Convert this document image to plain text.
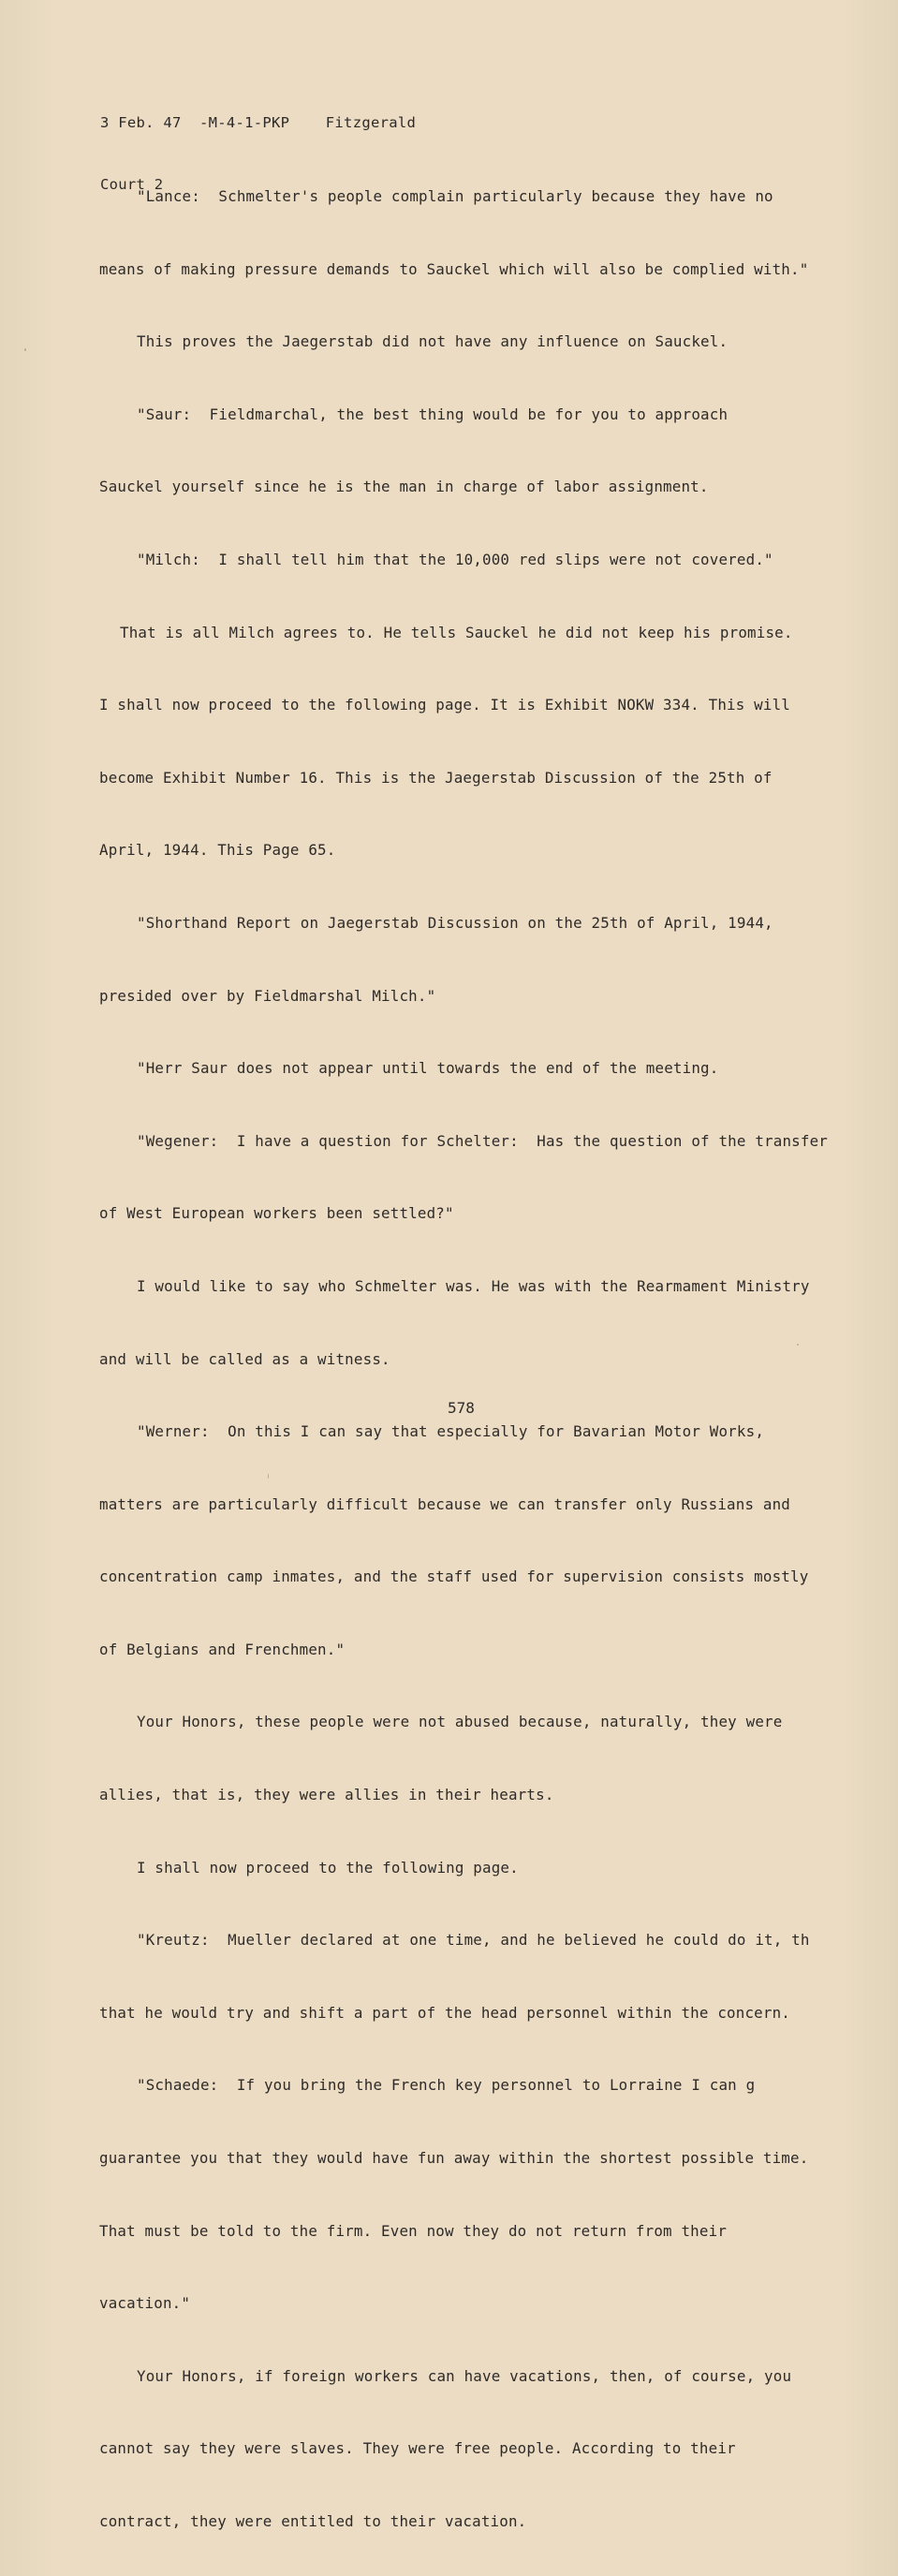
3 Feb. 47  -M-4-1-PKP    Fitzgerald

Court 2

"Lance:  Schmelter's people complain particularly because they have no

means of making pressure demands to Sauckel which will also be complied with."

This proves the Jaegerstab did not have any influence on Sauckel.

"Saur:  Fieldmarchal, the best thing would be for you to approach

Sauckel yourself since he is the man in charge of labor assignment.

"Milch:  I shall tell him that the 10,000 red slips were not covered."

That is all Milch agrees to. He tells Sauckel he did not keep his promise.

I shall now proceed to the following page. It is Exhibit NOKW 334. This will

become Exhibit Number 16. This is the Jaegerstab Discussion of the 25th of

April, 1944. This Page 65.

"Shorthand Report on Jaegerstab Discussion on the 25th of April, 1944,

presided over by Fieldmarshal Milch."

"Herr Saur does not appear until towards the end of the meeting.

"Wegener:  I have a question for Schelter:  Has the question of the transfer

of West European workers been settled?"

I would like to say who Schmelter was. He was with the Rearmament Ministry

and will be called as a witness.

"Werner:  On this I can say that especially for Bavarian Motor Works,

matters are particularly difficult because we can transfer only Russians and

concentration camp inmates, and the staff used for supervision consists mostly

of Belgians and Frenchmen."

Your Honors, these people were not abused because, naturally, they were

allies, that is, they were allies in their hearts.

I shall now proceed to the following page.

"Kreutz:  Mueller declared at one time, and he believed he could do it, th

that he would try and shift a part of the head personnel within the concern.

"Schaede:  If you bring the French key personnel to Lorraine I can g

guarantee you that they would have fun away within the shortest possible time.

That must be told to the firm. Even now they do not return from their

vacation."

Your Honors, if foreign workers can have vacations, then, of course, you

cannot say they were slaves. They were free people. According to their

contract, they were entitled to their vacation.

578
